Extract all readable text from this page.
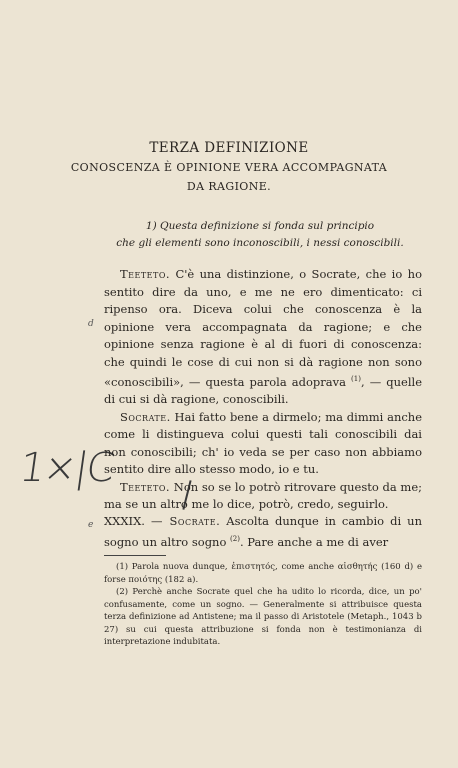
TERZA DEFINIZIONE
CONOSCENZA È OPINIONE VERA ACCOMPAGNATA
DA RAGIONE.
1) Questa definizione si fonda sul principio
che gli elementi sono inconoscibili, i nessi conoscibili.
d
e
1×|C

Teeteto. C'è una distinzione, o Socrate, che io ho sentito dire da uno, e me ne ero dimenticato: ci ripenso ora. Diceva colui che conoscenza è la opinione vera accompagnata da ragione; e che opinione senza ragione è al di fuori di conoscenza: che quindi le cose di cui non si dà ragione non sono «conoscibili», — questa parola adoprava $^{(1)}$, — quelle di cui si dà ragione, conoscibili.

Socrate. Hai fatto bene a dirmelo; ma dimmi anche come li distingueva colui questi tali conoscibili dai non conoscibili; ch' io veda se per caso non abbiamo sentito dire allo stesso modo, io e tu.

Teeteto. Non so se lo potrò ritrovare questo da me; ma se un altro me lo dice, potrò, credo, seguirlo.

XXXIX. — Socrate. Ascolta dunque in cambio di un sogno un altro sogno $^{(2)}$. Pare anche a me di aver

(1) Parola nuova dunque, ἐπιστητός, come anche αἰσθητής (160 d) e forse ποιότης (182 a).

(2) Perchè anche Socrate quel che ha udito lo ricorda, dice, un po' confusamente, come un sogno. — Generalmente si attribuisce questa terza definizione ad Antistene; ma il passo di Aristotele (Metaph., 1043 b 27) su cui questa attribuzione si fonda non è testimonianza di interpretazione indubitata.
